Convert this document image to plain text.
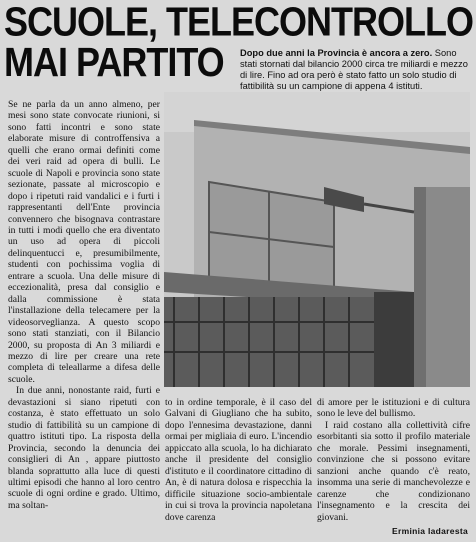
SCUOLE, TELECONTROLLO
MAI PARTITO	Dopo due anni la Provincia è ancora a zero. Sono stati stornati dal bilancio 2000 circa tre miliardi e mezzo di lire. Fino ad ora però è stato fatto un solo studio di fattibilità su un campione di appena 4 istituti.

Se ne parla da un anno almeno, per mesi sono state convocate riunioni, si sono fatti incontri e sono state elaborate misure di controffensiva a quelli che erano ormai definiti come dei veri raid ad opera di bulli. Le scuole di Napoli e provincia sono state sezionate, passate al microscopio e dopo i ripetuti raid vandalici e i furti i rappresentanti dell'Ente provincia convennero che bisognava contrastare in tutti i modi quello che era diventato un uso ad opera di piccoli delinquentucci e, presumibilmente, studenti con pochissima voglia di entrare a scuola. Una delle misure di eccezionalità, presa dal consiglio e dalla commissione è stata l'installazione della telecamere per la videosorveglianza. A questo scopo sono stati stanziati, con il Bilancio 2000, su proposta di An 3 miliardi e mezzo di lire per creare una rete completa di teleallarme a difesa delle scuole.

In due anni, nonostante raid, furti e devastazioni si siano ripetuti con costanza, è stato effettuato un solo studio di fattibilità su un campione di quattro istituti tipo. La risposta della Provincia, secondo la denuncia dei consiglieri di An , appare piuttosto blanda soprattutto alla luce di questi ultimi episodi che hanno al loro centro scuole di ogni ordine e grado. Ultimo, ma soltan-

to in ordine temporale, è il caso del Galvani di Giugliano che ha subito, dopo l'ennesima devastazione, danni ormai per migliaia di euro. L'incendio appiccato alla scuola, lo ha dichiarato anche il presidente del consiglio d'istituto e il coordinatore cittadino di An, è di natura dolosa e rispecchia la difficile situazione socio-ambientale in cui si trova la provincia napoletana dove carenza

di amore per le istituzioni e di cultura sono le leve del bullismo.

I raid costano alla collettività cifre esorbitanti sia sotto il profilo materiale che morale. Pessimi insegnamenti, convinzione che si possono evitare sanzioni anche quando c'è reato, insomma una serie di manchevolezze e carenze che condizionano l'insegnamento e la crescita dei giovani.

Erminia Iadaresta
